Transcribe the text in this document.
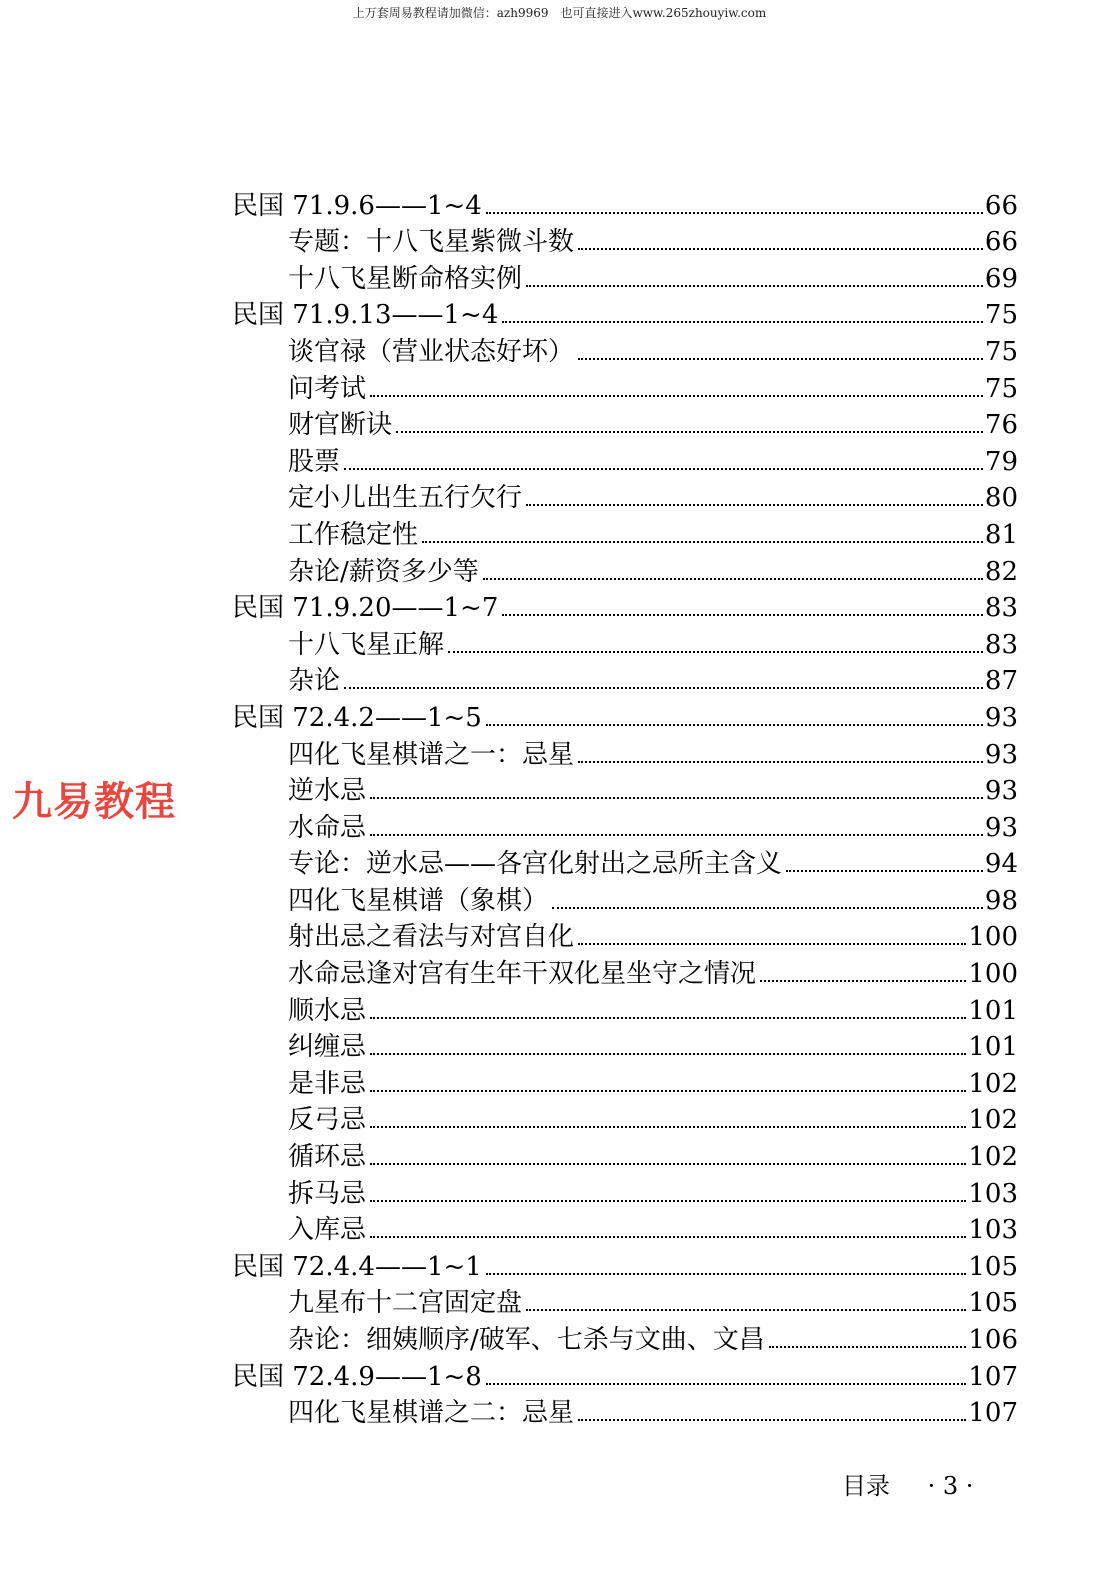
上万套周易教程请加微信：azh9969　也可直接进入www.265zhouyiw.com
九易教程
民国 71.9.6——1~4	66
专题：十八飞星紫微斗数	66
十八飞星断命格实例	69
民国 71.9.13——1~4	75
谈官禄（营业状态好坏）	75
问考试	75
财官断诀	76
股票	79
定小儿出生五行欠行	80
工作稳定性	81
杂论/薪资多少等	82
民国 71.9.20——1~7	83
十八飞星正解	83
杂论	87
民国 72.4.2——1~5	93
四化飞星棋谱之一：忌星	93
逆水忌	93
水命忌	93
专论：逆水忌——各宫化射出之忌所主含义	94
四化飞星棋谱（象棋）	98
射出忌之看法与对宫自化	100
水命忌逢对宫有生年干双化星坐守之情况	100
顺水忌	101
纠缠忌	101
是非忌	102
反弓忌	102
循环忌	102
拆马忌	103
入库忌	103
民国 72.4.4——1~1	105
九星布十二宫固定盘	105
杂论：细姨顺序/破军、七杀与文曲、文昌	106
民国 72.4.9——1~8	107
四化飞星棋谱之二：忌星	107
目录 · 3 ·
